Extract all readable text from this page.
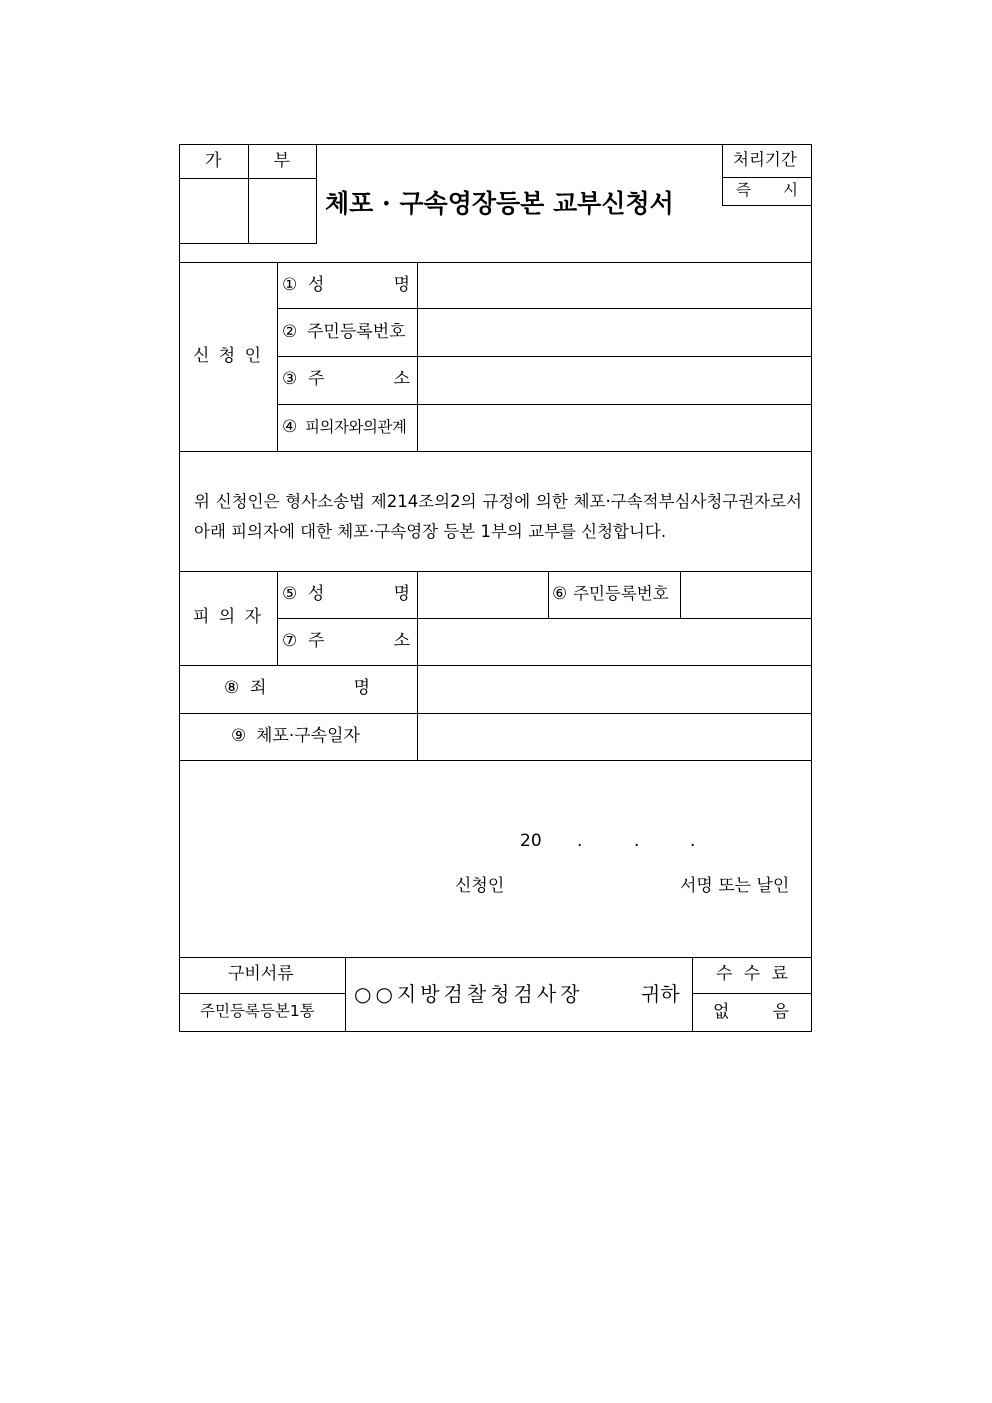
가	부
체포 · 구속영장등본 교부신청서
처리기간
즉 시
신 청 인
① 성	명
② 주민등록번호
③ 주	소
④ 피의자와의관계
위 신청인은 형사소송법 제214조의2의 규정에 의한 체포·구속적부심사청구권자로서 아래 피의자에 대한 체포·구속영장 등본 1부의 교부를 신청합니다.
피 의 자
⑤ 성	명	⑥ 주민등록번호
⑦ 주	소
⑧ 죄	명
⑨ 체포·구속일자
20 .	.	.
신청인	서명 또는 날인
구비서류
주민등록등본1통
○○지방검찰청검사장	귀하
수 수 료
없	음
